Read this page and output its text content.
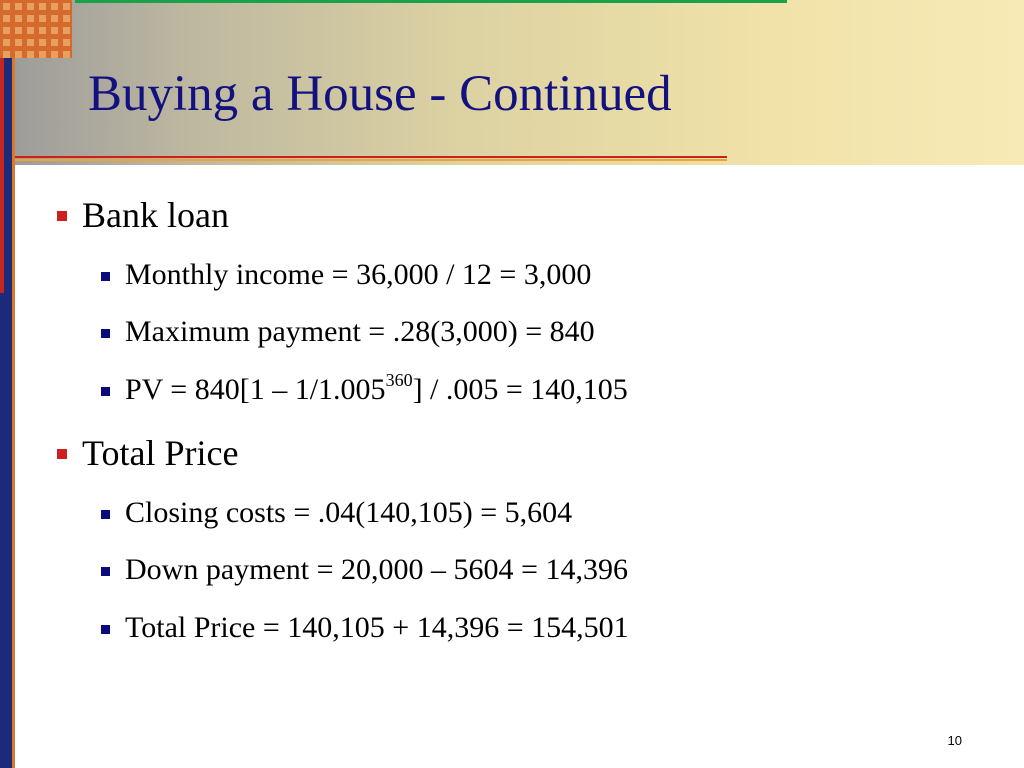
Buying a House - Continued
Bank loan
Monthly income = 36,000 / 12 = 3,000
Maximum payment = .28(3,000) = 840
PV = 840[1 – 1/1.005$^{360}$] / .005 = 140,105
Total Price
Closing costs = .04(140,105) = 5,604
Down payment = 20,000 – 5604 = 14,396
Total Price = 140,105 + 14,396 = 154,501
10
